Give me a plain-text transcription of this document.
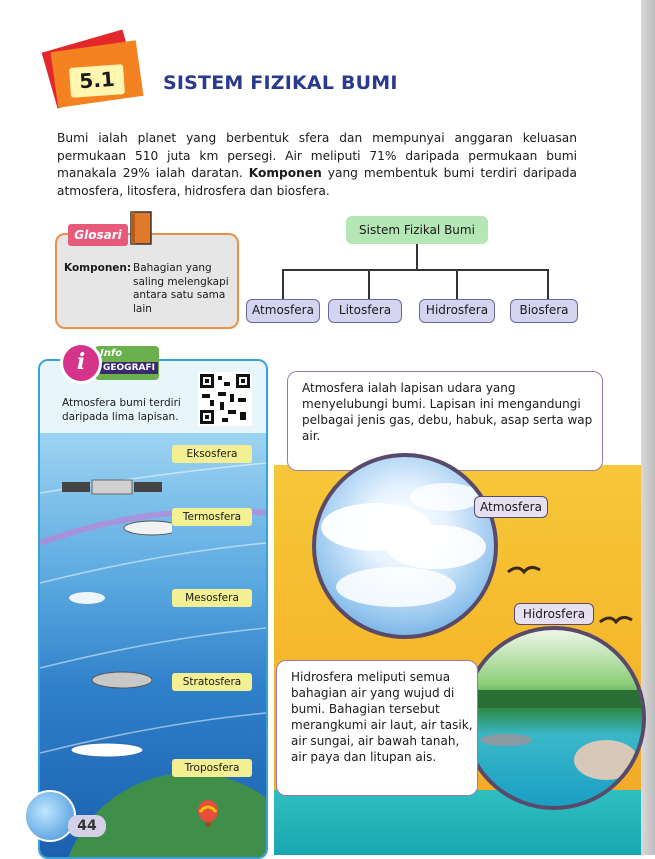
5.1	SISTEM FIZIKAL BUMI
Bumi ialah planet yang berbentuk sfera dan mempunyai anggaran keluasan permukaan 510 juta km persegi. Air meliputi 71% daripada permukaan bumi manakala 29% ialah daratan. Komponen yang membentuk bumi terdiri daripada atmosfera, litosfera, hidrosfera dan biosfera.
Glosari
Komponen: Bahagian yang saling melengkapi antara satu sama lain
Sistem Fizikal Bumi
Atmosfera	Litosfera	Hidrosfera	Biosfera
Info
GEOGRAFI
i
Atmosfera bumi terdiri daripada lima lapisan.
Eksosfera
Termosfera
Mesosfera
Stratosfera
Troposfera
44
Atmosfera ialah lapisan udara yang menyelubungi bumi. Lapisan ini mengandungi pelbagai jenis gas, debu, habuk, asap serta wap air.
Atmosfera
Hidrosfera
Hidrosfera meliputi semua bahagian air yang wujud di bumi. Bahagian tersebut merangkumi air laut, air tasik, air sungai, air bawah tanah, air paya dan litupan ais.
